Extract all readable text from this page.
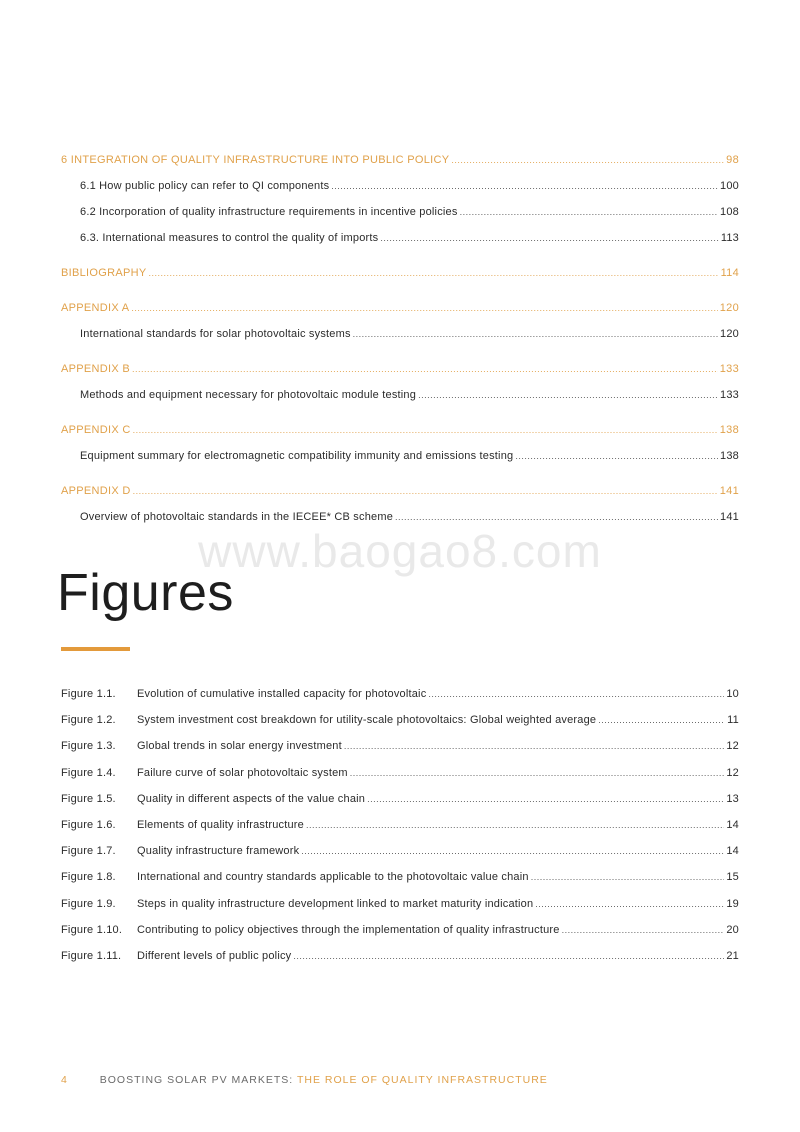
6 INTEGRATION OF QUALITY INFRASTRUCTURE INTO PUBLIC POLICY .....	98
6.1 How public policy can refer to QI components .....	100
6.2 Incorporation of quality infrastructure requirements in incentive policies .....	108
6.3. International measures to control the quality of imports .....	113
BIBLIOGRAPHY .....	114
APPENDIX A .....	120
International standards for solar photovoltaic systems .....	120
APPENDIX B .....	133
Methods and equipment necessary for photovoltaic module testing .....	133
APPENDIX C .....	138
Equipment summary for electromagnetic compatibility immunity and emissions testing .....	138
APPENDIX D .....	141
Overview of photovoltaic standards in the IECEE* CB scheme .....	141
www.baogao8.com
Figures
Figure 1.1.	Evolution of cumulative installed capacity for photovoltaic .....	10
Figure 1.2.	System investment cost breakdown for utility-scale photovoltaics: Global weighted average .....	11
Figure 1.3.	Global trends in solar energy investment .....	12
Figure 1.4.	Failure curve of solar photovoltaic system .....	12
Figure 1.5.	Quality in different aspects of the value chain .....	13
Figure 1.6.	Elements of quality infrastructure .....	14
Figure 1.7.	Quality infrastructure framework .....	14
Figure 1.8.	International and country standards applicable to the photovoltaic value chain .....	15
Figure 1.9.	Steps in quality infrastructure development linked to market maturity indication .....	19
Figure 1.10.	Contributing to policy objectives through the implementation of quality infrastructure .....	20
Figure 1.11.	Different levels of public policy .....	21
4	BOOSTING SOLAR PV MARKETS: THE ROLE OF QUALITY INFRASTRUCTURE
